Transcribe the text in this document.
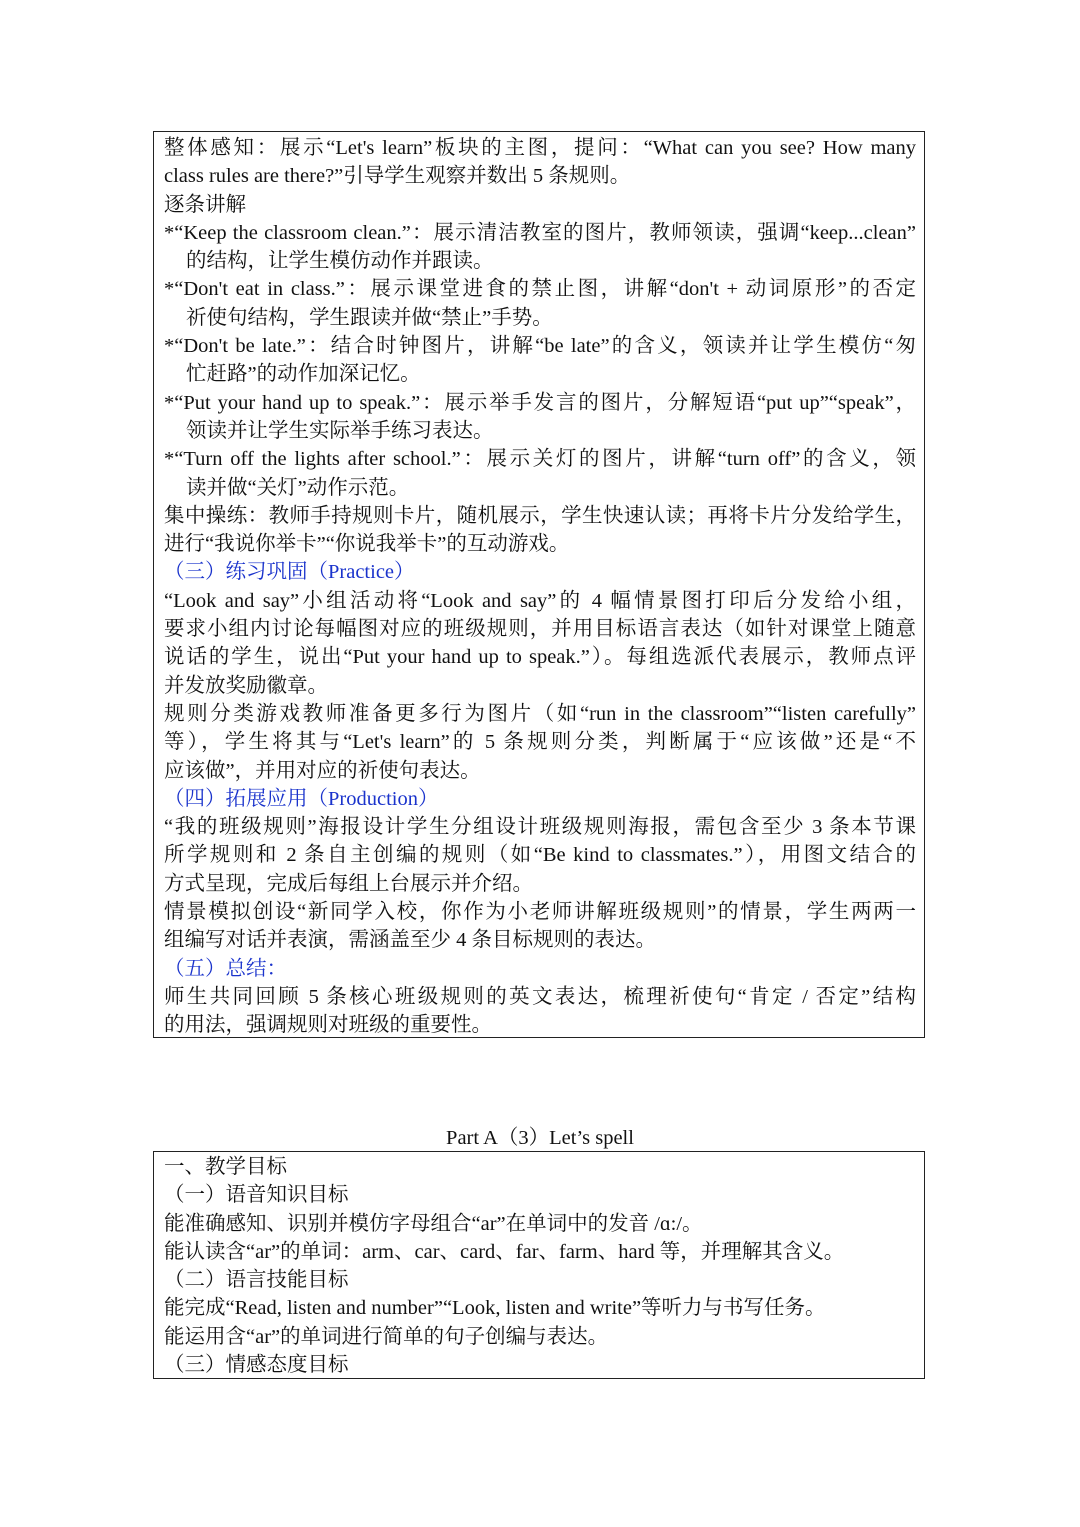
整体感知：展示“Let's learn”板块的主图，提问：“What can you see? How many
class rules are there?”引导学生观察并数出 5 条规则。
逐条讲解
*“Keep the classroom clean.”：展示清洁教室的图片，教师领读，强调“keep...clean”
的结构，让学生模仿动作并跟读。
*“Don't eat in class.”：展示课堂进食的禁止图，讲解“don't + 动词原形”的否定
祈使句结构，学生跟读并做“禁止”手势。
*“Don't be late.”：结合时钟图片，讲解“be late”的含义，领读并让学生模仿“匆
忙赶路”的动作加深记忆。
*“Put your hand up to speak.”：展示举手发言的图片，分解短语“put up”“speak”，
领读并让学生实际举手练习表达。
*“Turn off the lights after school.”：展示关灯的图片，讲解“turn off”的含义，领
读并做“关灯”动作示范。
集中操练：教师手持规则卡片，随机展示，学生快速认读；再将卡片分发给学生，
进行“我说你举卡”“你说我举卡”的互动游戏。
（三）练习巩固（Practice）
“Look and say”小组活动将“Look and say”的 4 幅情景图打印后分发给小组，
要求小组内讨论每幅图对应的班级规则，并用目标语言表达（如针对课堂上随意
说话的学生，说出“Put your hand up to speak.”）。每组选派代表展示，教师点评
并发放奖励徽章。
规则分类游戏教师准备更多行为图片（如“run in the classroom”“listen carefully”
等），学生将其与“Let's learn”的 5 条规则分类，判断属于“应该做”还是“不
应该做”，并用对应的祈使句表达。
（四）拓展应用（Production）
“我的班级规则”海报设计学生分组设计班级规则海报，需包含至少 3 条本节课
所学规则和 2 条自主创编的规则（如“Be kind to classmates.”），用图文结合的
方式呈现，完成后每组上台展示并介绍。
情景模拟创设“新同学入校，你作为小老师讲解班级规则”的情景，学生两两一
组编写对话并表演，需涵盖至少 4 条目标规则的表达。
（五）总结：
师生共同回顾 5 条核心班级规则的英文表达，梳理祈使句“肯定 / 否定”结构
的用法，强调规则对班级的重要性。
Part A（3）Let’s spell
一、教学目标
（一）语音知识目标
能准确感知、识别并模仿字母组合“ar”在单词中的发音 /ɑ:/。
能认读含“ar”的单词：arm、car、card、far、farm、hard 等，并理解其含义。
（二）语言技能目标
能完成“Read, listen and number”“Look, listen and write”等听力与书写任务。
能运用含“ar”的单词进行简单的句子创编与表达。
（三）情感态度目标
